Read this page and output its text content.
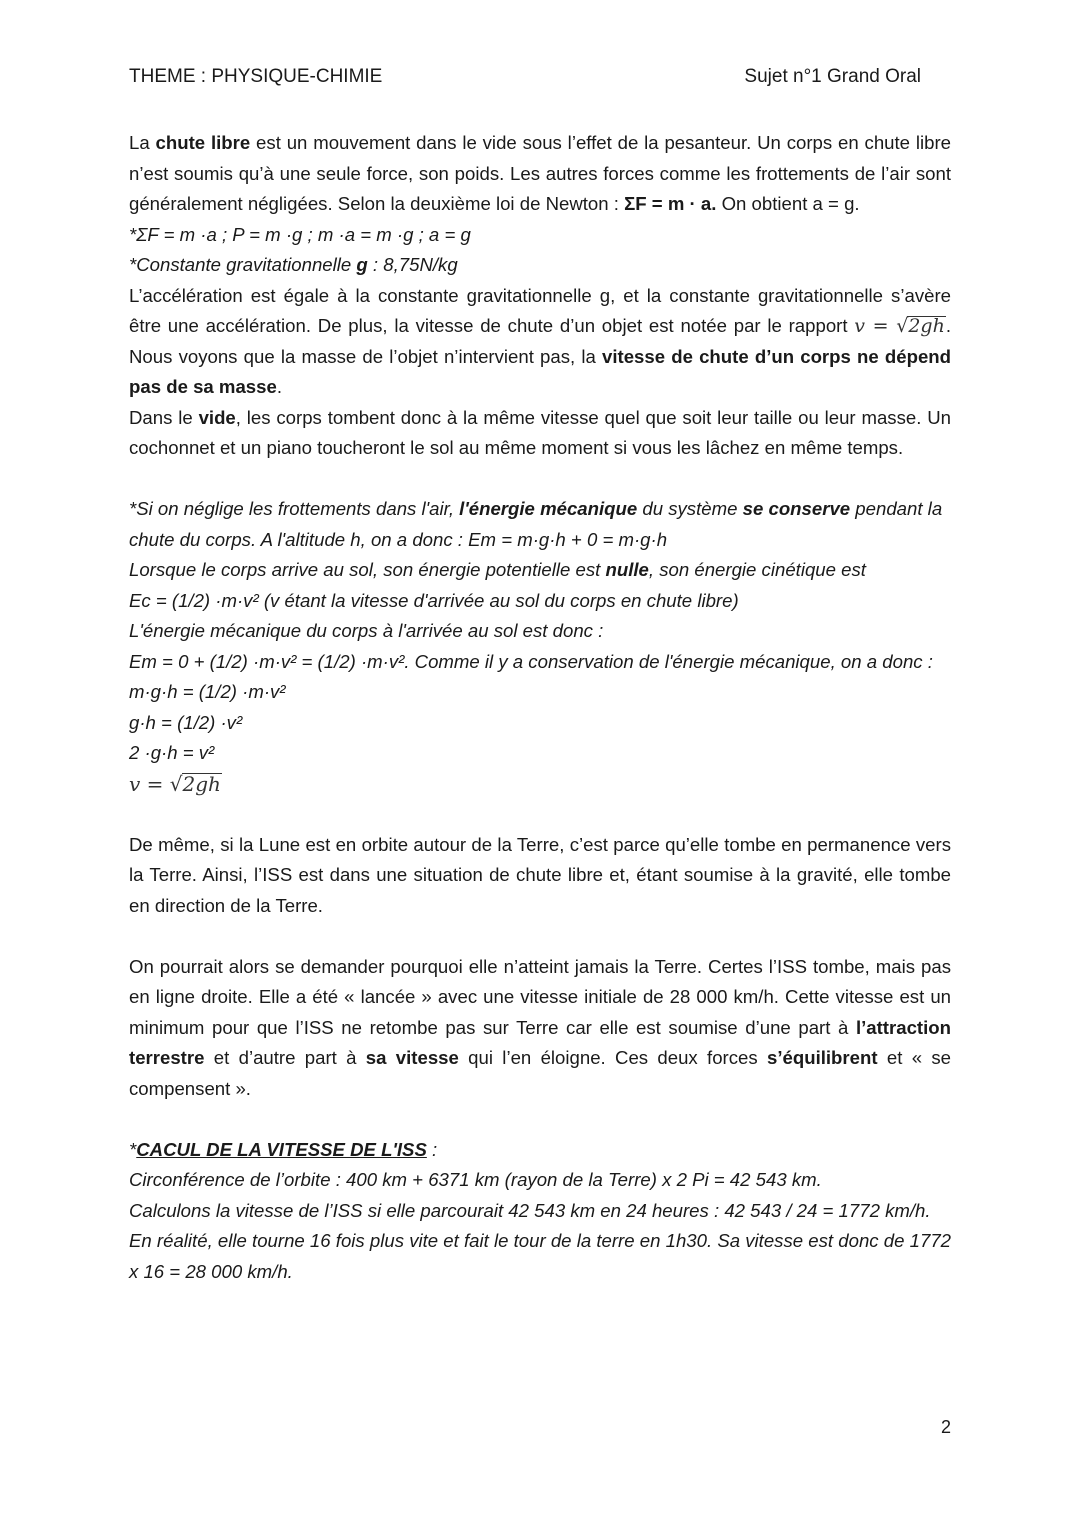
THEME : PHYSIQUE-CHIMIE	Sujet n°1 Grand Oral

La chute libre est un mouvement dans le vide sous l’effet de la pesanteur. Un corps en chute libre n’est soumis qu’à une seule force, son poids. Les autres forces comme les frottements de l’air sont généralement négligées. Selon la deuxième loi de Newton : ΣF = m · a. On obtient a = g.

*ΣF = m ·a ; P = m ·g ; m ·a = m ·g ; a = g

*Constante gravitationnelle g : 8,75N/kg

L’accélération est égale à la constante gravitationnelle g, et la constante gravitationnelle s’avère être une accélération. De plus, la vitesse de chute d’un objet est notée par le rapport v = √2gh. Nous voyons que la masse de l’objet n’intervient pas, la vitesse de chute d’un corps ne dépend pas de sa masse.

Dans le vide, les corps tombent donc à la même vitesse quel que soit leur taille ou leur masse. Un cochonnet et un piano toucheront le sol au même moment si vous les lâchez en même temps.

*Si on néglige les frottements dans l'air, l'énergie mécanique du système se conserve pendant la chute du corps. A l'altitude h, on a donc : Em = m·g·h + 0 = m·g·h

Lorsque le corps arrive au sol, son énergie potentielle est nulle, son énergie cinétique est

Ec = (1/2) ·m·v² (v étant la vitesse d'arrivée au sol du corps en chute libre)

L'énergie mécanique du corps à l'arrivée au sol est donc :

Em = 0 + (1/2) ·m·v² = (1/2) ·m·v². Comme il y a conservation de l'énergie mécanique, on a donc :

m·g·h = (1/2) ·m·v²

g·h = (1/2) ·v²

2 ·g·h = v²

v = √2gh

De même, si la Lune est en orbite autour de la Terre, c’est parce qu’elle tombe en permanence vers la Terre. Ainsi, l’ISS est dans une situation de chute libre et, étant soumise à la gravité, elle tombe en direction de la Terre.

On pourrait alors se demander pourquoi elle n’atteint jamais la Terre. Certes l’ISS tombe, mais pas en ligne droite. Elle a été « lancée » avec une vitesse initiale de 28 000 km/h. Cette vitesse est un minimum pour que l’ISS ne retombe pas sur Terre car elle est soumise d’une part à l’attraction terrestre et d’autre part à sa vitesse qui l’en éloigne. Ces deux forces s’équilibrent et « se compensent ».

*CACUL DE LA VITESSE DE L'ISS :

Circonférence de l’orbite : 400 km + 6371 km (rayon de la Terre) x 2 Pi = 42 543 km.

Calculons la vitesse de l’ISS si elle parcourait 42 543 km en 24 heures : 42 543 / 24 = 1772 km/h.

En réalité, elle tourne 16 fois plus vite et fait le tour de la terre en 1h30. Sa vitesse est donc de 1772 x 16 = 28 000 km/h.

2
